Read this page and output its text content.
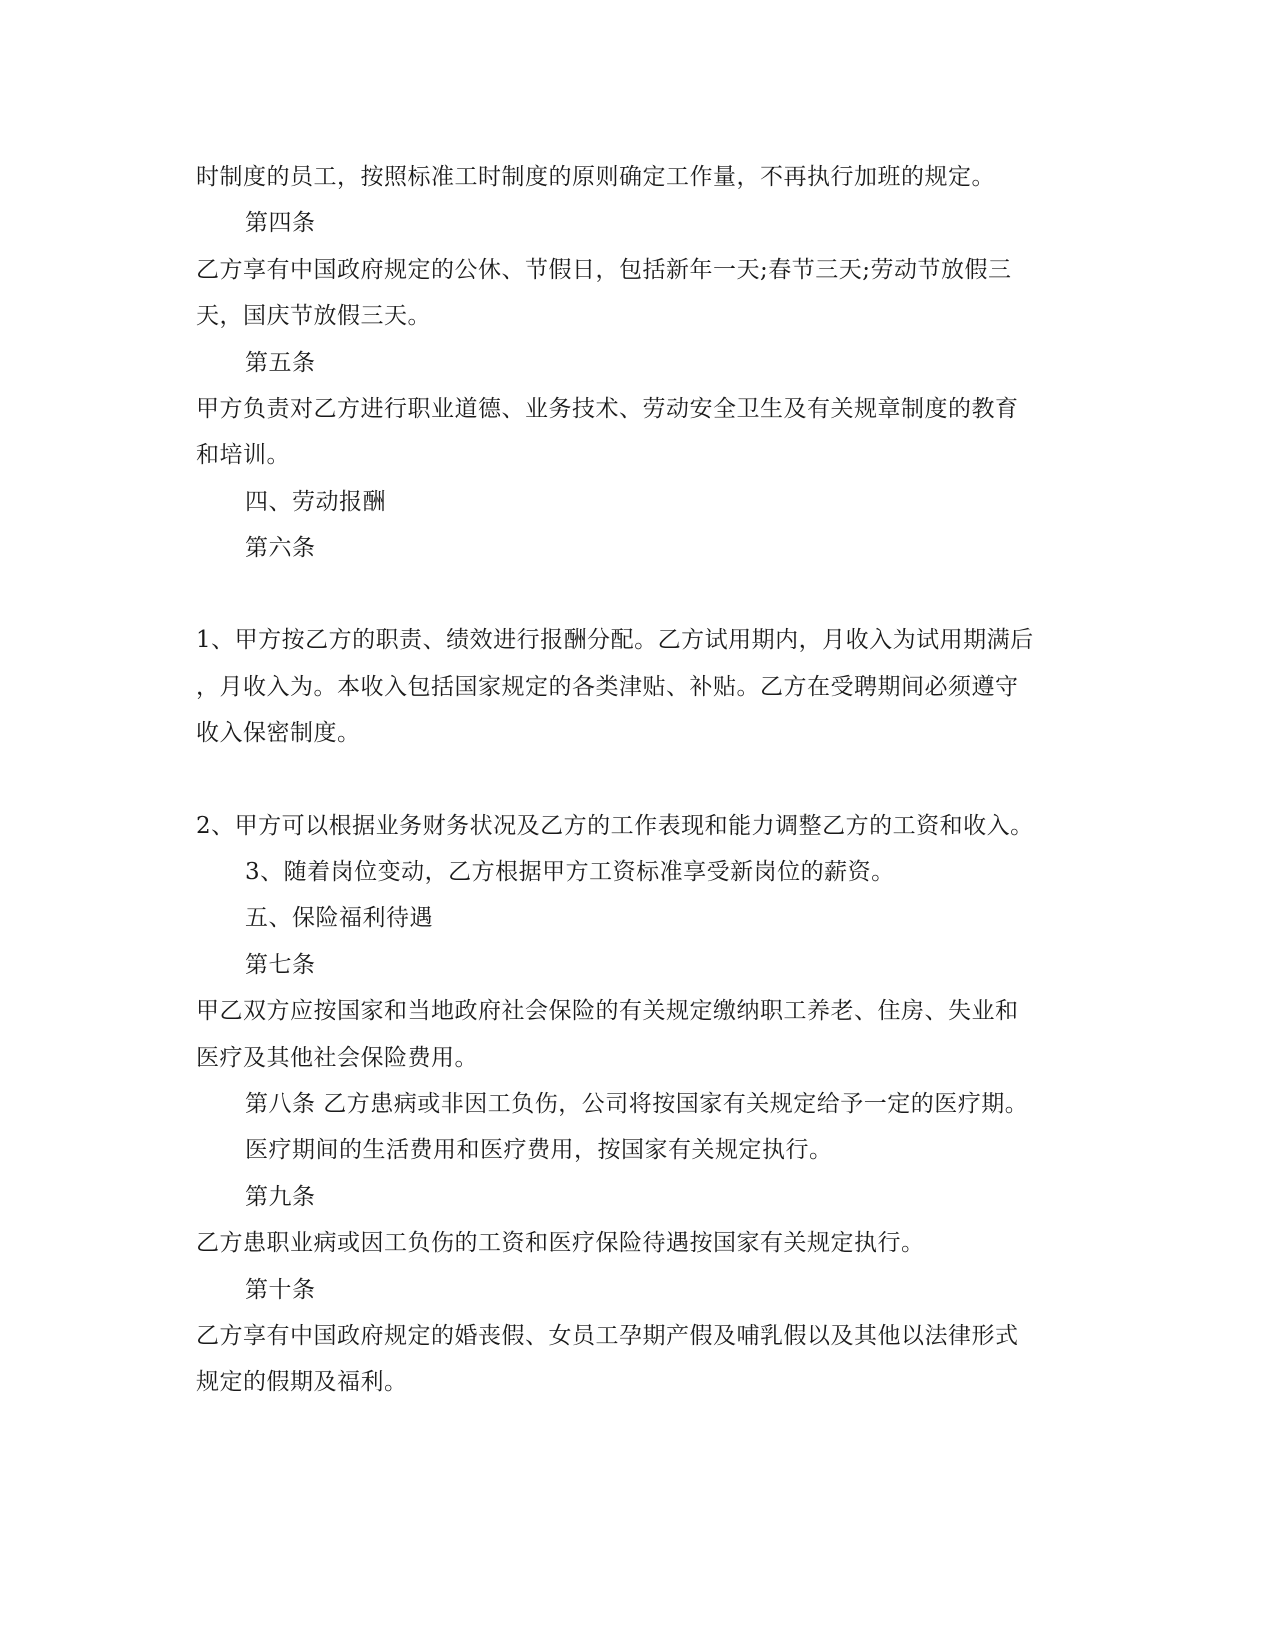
时制度的员工，按照标准工时制度的原则确定工作量，不再执行加班的规定。
第四条
乙方享有中国政府规定的公休、节假日，包括新年一天;春节三天;劳动节放假三
天，国庆节放假三天。
第五条
甲方负责对乙方进行职业道德、业务技术、劳动安全卫生及有关规章制度的教育
和培训。
四、劳动报酬
第六条
1、甲方按乙方的职责、绩效进行报酬分配。乙方试用期内，月收入为试用期满后
，月收入为。本收入包括国家规定的各类津贴、补贴。乙方在受聘期间必须遵守
收入保密制度。
2、甲方可以根据业务财务状况及乙方的工作表现和能力调整乙方的工资和收入。
3、随着岗位变动，乙方根据甲方工资标准享受新岗位的薪资。
五、保险福利待遇
第七条
甲乙双方应按国家和当地政府社会保险的有关规定缴纳职工养老、住房、失业和
医疗及其他社会保险费用。
第八条 乙方患病或非因工负伤，公司将按国家有关规定给予一定的医疗期。
医疗期间的生活费用和医疗费用，按国家有关规定执行。
第九条
乙方患职业病或因工负伤的工资和医疗保险待遇按国家有关规定执行。
第十条
乙方享有中国政府规定的婚丧假、女员工孕期产假及哺乳假以及其他以法律形式
规定的假期及福利。
